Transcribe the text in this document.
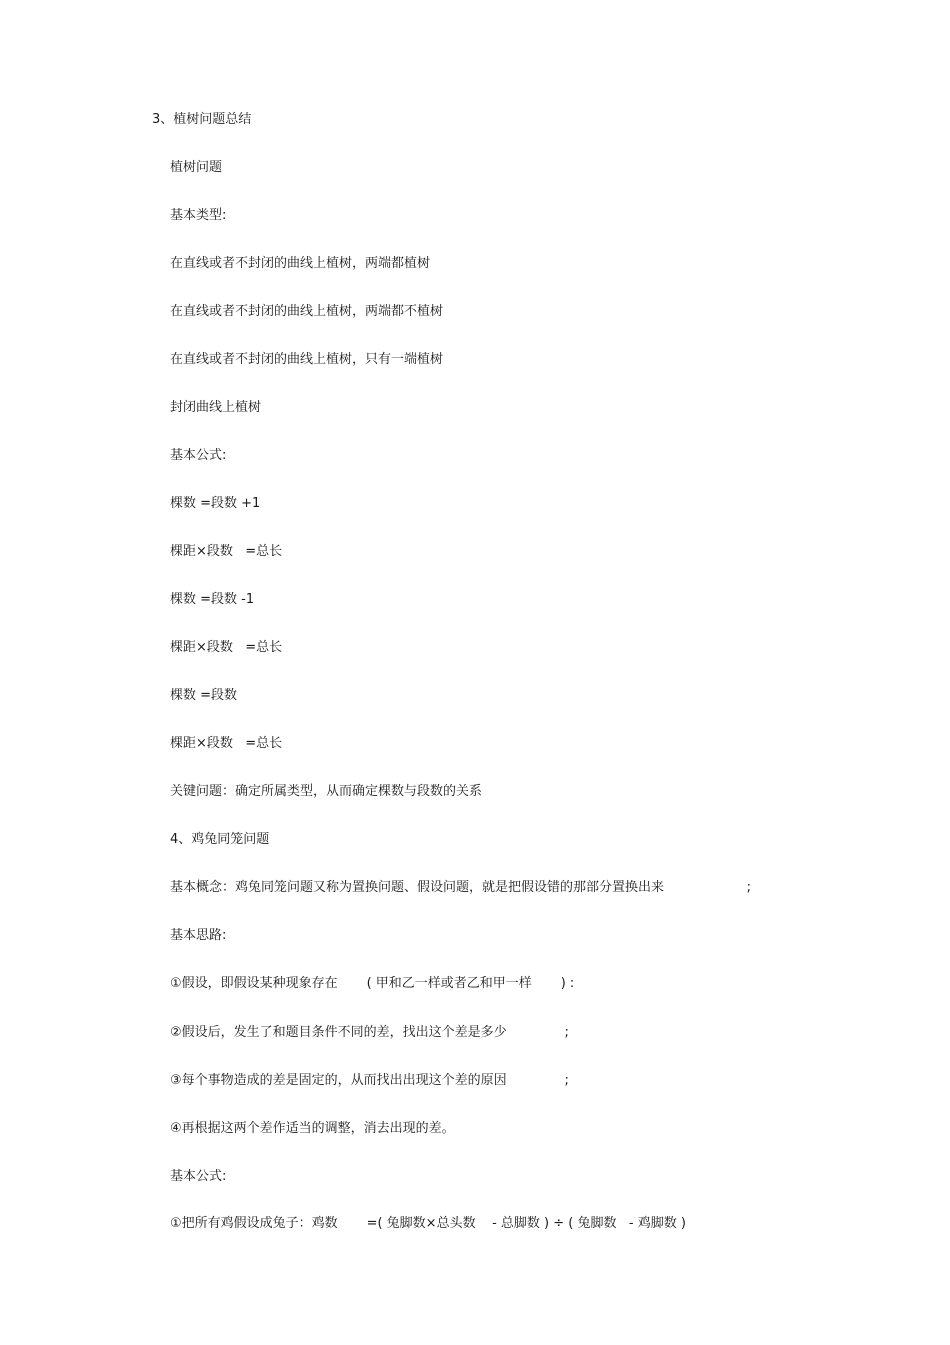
3、植树问题总结
植树问题
基本类型:
在直线或者不封闭的曲线上植树，两端都植树
在直线或者不封闭的曲线上植树，两端都不植树
在直线或者不封闭的曲线上植树，只有一端植树
封闭曲线上植树
基本公式:
棵数 =段数 +1
棵距×段数   =总长
棵数 =段数 -1
棵距×段数   =总长
棵数 =段数
棵距×段数   =总长
关键问题：确定所属类型，从而确定棵数与段数的关系
4、鸡兔同笼问题
基本概念：鸡兔同笼问题又称为置换问题、假设问题，就是把假设错的那部分置换出来                    ;
基本思路:
①假设，即假设某种现象存在       ( 甲和乙一样或者乙和甲一样       ) :
②假设后，发生了和题目条件不同的差，找出这个差是多少              ;
③每个事物造成的差是固定的，从而找出出现这个差的原因              ;
④再根据这两个差作适当的调整，消去出现的差。
基本公式:
①把所有鸡假设成兔子：鸡数       =( 兔脚数×总头数    - 总脚数 ) ÷ ( 兔脚数   - 鸡脚数 )
